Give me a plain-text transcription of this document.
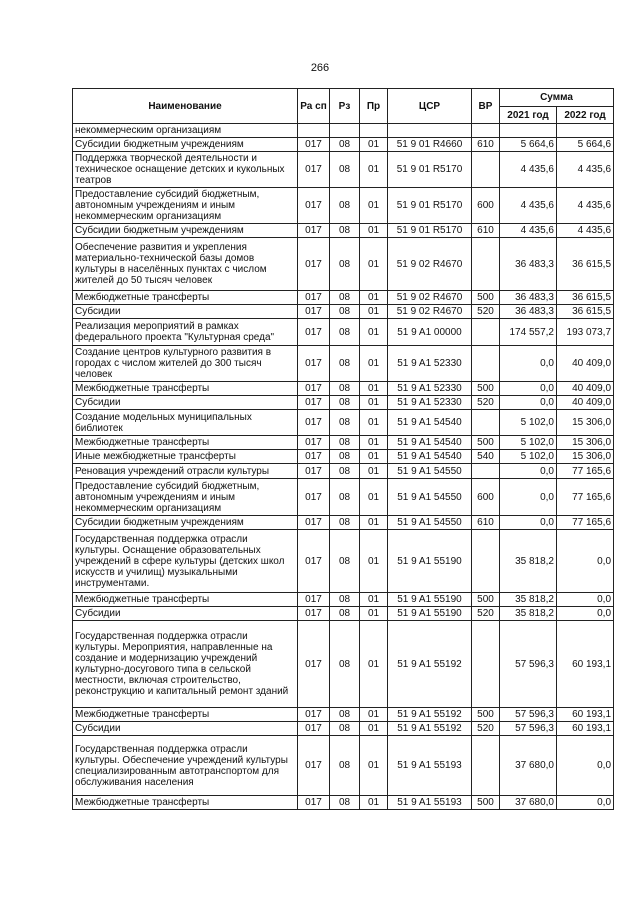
266
Наименование	Ра сп	Рз	Пр	ЦСР	ВР	Сумма	
						2021 год	2022 год
некоммерческим организациям							
Субсидии бюджетным учреждениям	017	08	01	51 9 01 R4660	610	5 664,6	5 664,6
Поддержка творческой деятельности и техническое оснащение детских и кукольных театров	017	08	01	51 9 01 R5170		4 435,6	4 435,6
Предоставление субсидий бюджетным, автономным учреждениям и иным некоммерческим организациям	017	08	01	51 9 01 R5170	600	4 435,6	4 435,6
Субсидии бюджетным учреждениям	017	08	01	51 9 01 R5170	610	4 435,6	4 435,6
Обеспечение развития и укрепления материально-технической базы домов культуры в населённых пунктах с числом жителей до 50 тысяч человек	017	08	01	51 9 02 R4670		36 483,3	36 615,5
Межбюджетные трансферты	017	08	01	51 9 02 R4670	500	36 483,3	36 615,5
Субсидии	017	08	01	51 9 02 R4670	520	36 483,3	36 615,5
Реализация мероприятий в рамках федерального проекта "Культурная среда"	017	08	01	51 9 A1 00000		174 557,2	193 073,7
Создание центров культурного развития в городах с числом жителей до 300 тысяч человек	017	08	01	51 9 A1 52330		0,0	40 409,0
Межбюджетные трансферты	017	08	01	51 9 A1 52330	500	0,0	40 409,0
Субсидии	017	08	01	51 9 A1 52330	520	0,0	40 409,0
Создание модельных муниципальных библиотек	017	08	01	51 9 A1 54540		5 102,0	15 306,0
Межбюджетные трансферты	017	08	01	51 9 A1 54540	500	5 102,0	15 306,0
Иные межбюджетные трансферты	017	08	01	51 9 A1 54540	540	5 102,0	15 306,0
Реновация учреждений отрасли культуры	017	08	01	51 9 A1 54550		0,0	77 165,6
Предоставление субсидий бюджетным, автономным учреждениям и иным некоммерческим организациям	017	08	01	51 9 A1 54550	600	0,0	77 165,6
Субсидии бюджетным учреждениям	017	08	01	51 9 A1 54550	610	0,0	77 165,6
Государственная поддержка отрасли культуры. Оснащение образовательных учреждений в сфере культуры (детских школ искусств и училищ) музыкальными инструментами.	017	08	01	51 9 A1 55190		35 818,2	0,0
Межбюджетные трансферты	017	08	01	51 9 A1 55190	500	35 818,2	0,0
Субсидии	017	08	01	51 9 A1 55190	520	35 818,2	0,0
Государственная поддержка отрасли культуры. Мероприятия, направленные на создание и модернизацию учреждений культурно-досугового типа в сельской местности, включая строительство, реконструкцию и капитальный ремонт зданий	017	08	01	51 9 A1 55192		57 596,3	60 193,1
Межбюджетные трансферты	017	08	01	51 9 A1 55192	500	57 596,3	60 193,1
Субсидии	017	08	01	51 9 A1 55192	520	57 596,3	60 193,1
Государственная поддержка отрасли культуры. Обеспечение учреждений культуры специализированным автотранспортом для обслуживания населения	017	08	01	51 9 A1 55193		37 680,0	0,0
Межбюджетные трансферты	017	08	01	51 9 A1 55193	500	37 680,0	0,0
